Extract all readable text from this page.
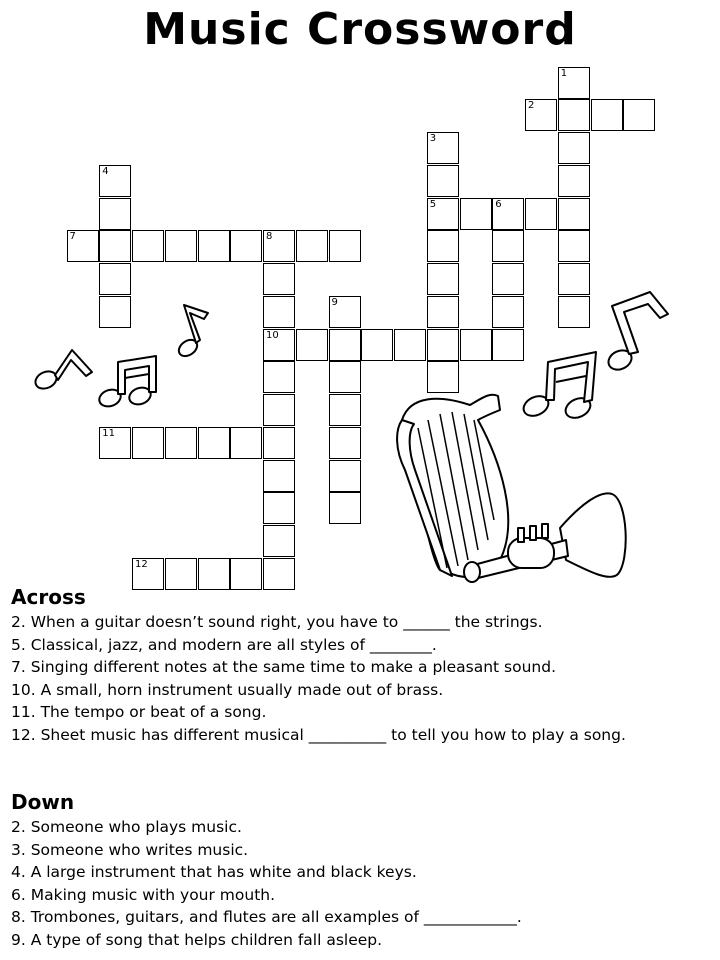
Music Crossword
1
2
3
5	6
4
7	8
10
9
11
12
Across
2. When a guitar doesn’t sound right, you have to ______ the strings.
5. Classical, jazz, and modern are all styles of ________.
7. Singing different notes at the same time to make a pleasant sound.
10. A small, horn instrument usually made out of brass.
11. The tempo or beat of a song.
12. Sheet music has different musical __________ to tell you how to play a song.
Down
2. Someone who plays music.
3. Someone who writes music.
4. A large instrument that has white and black keys.
6. Making music with your mouth.
8. Trombones, guitars, and flutes are all examples of ____________.
9. A type of song that helps children fall asleep.
